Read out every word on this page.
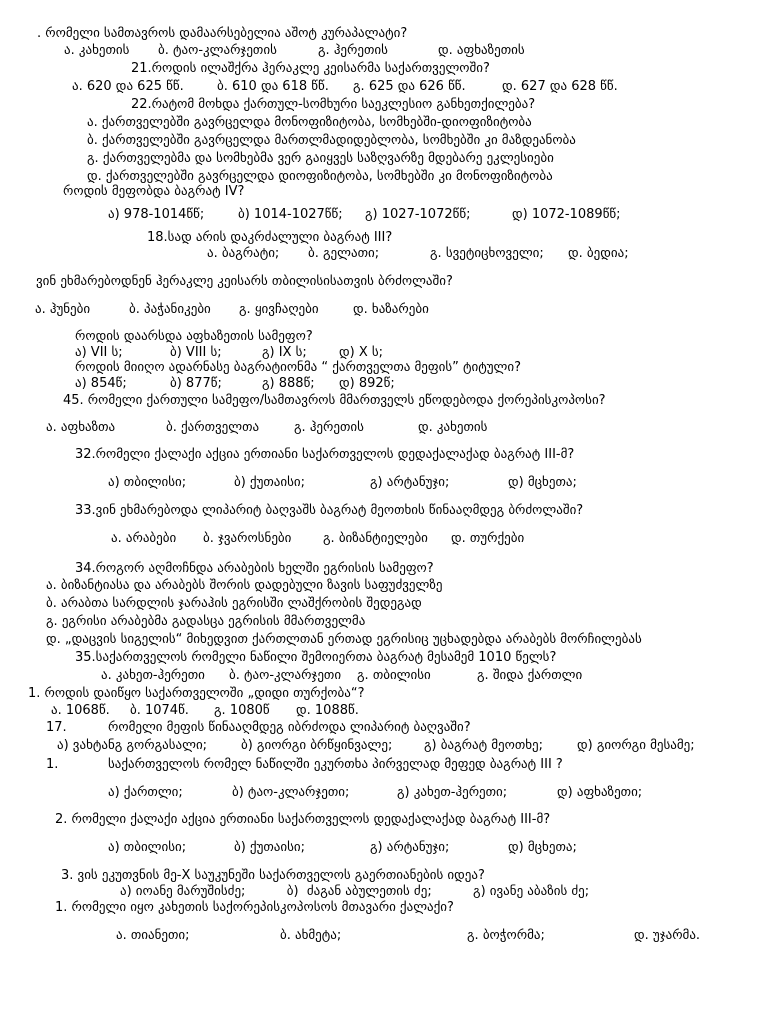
. რომელი სამთავროს დამაარსებელია აშოტ კურაპალატი?
ა. კახეთის ბ. ტაო-კლარჯეთის	გ. ჰერეთის	დ. აფხაზეთის
21.როდის ილაშქრა ჰერაკლე კეისარმა საქართველოში?
ა. 620 და 625 წწ.	ბ. 610 და 618 წწ. გ. 625 და 626 წწ.	დ. 627 და 628 წწ.
22.რატომ მოხდა ქართულ-სომხური საეკლესიო განხეთქილება?
ა. ქართველებში გავრცელდა მონოფიზიტობა, სომხებში-დიოფიზიტობა
ბ. ქართველებში გავრცელდა მართლმადიდებლობა, სომხებში კი მაზდეანობა
გ. ქართველებმა და სომხებმა ვერ გაიყვეს საზღვარზე მდებარე ეკლესიები
დ. ქართველებში გავრცელდა დიოფიზიტობა, სომხებში კი მონოფიზიტობა
როდის მეფობდა ბაგრატ IV?
ა) 978-1014წწ;	ბ) 1014-1027წწ; გ) 1027-1072წწ;	დ) 1072-1089წწ;
18.სად არის დაკრძალული ბაგრატ III?
ა. ბაგრატი; ბ. გელათი;	გ. სვეტიცხოველი; დ. ბედია;
ვინ ეხმარებოდნენ ჰერაკლე კეისარს თბილისისათვის ბრძოლაში?
ა. ჰუნები	ბ. პაჭანიკები გ. ყივჩაღები	დ. ხაზარები
როდის დაარსდა აფხაზეთის სამეფო?
ა) VII ს;	ბ) VIII ს;	გ) IX ს; დ) X ს;
როდის მიიღო ადარნასე ბაგრატიონმა “ ქართველთა მეფის” ტიტული?
ა) 854წ;	ბ) 877წ;	გ) 888წ; დ) 892წ;
45. რომელი ქართული სამეფო/სამთავროს მმართველს ეწოდებოდა ქორეპისკოპოსი?
ა. აფხაზთა	ბ. ქართველთა	გ. ჰერეთის	დ. კახეთის
32.რომელი ქალაქი აქცია ერთიანი საქართველოს დედაქალაქად ბაგრატ III-მ?
ა) თბილისი;	ბ) ქუთაისი;	გ) არტანუჯი;	დ) მცხეთა;
33.ვინ ეხმარებოდა ლიპარიტ ბაღვაშს ბაგრატ მეოთხის წინააღმდეგ ბრძოლაში?
ა. არაბები ბ. ჯვაროსნები გ. ბიზანტიელები დ. თურქები
34.როგორ აღმოჩნდა არაბების ხელში ეგრისის სამეფო?
ა. ბიზანტიასა და არაბებს შორის დადებული ზავის საფუძველზე
ბ. არაბთა სარდლის ჯარაჰის ეგრისში ლაშქრობის შედეგად
გ. ეგრისი არაბებმა გადასცა ეგრისის მმართველმა
დ. „დაცვის სიგელის“ მიხედვით ქართლთან ერთად ეგრისიც უცხადებდა არაბებს მორჩილებას
35.საქართველოს რომელი ნაწილი შემოიერთა ბაგრატ მესამემ 1010 წელს?
ა. კახეთ-ჰერეთი ბ. ტაო-კლარჯეთი გ. თბილისი	გ. შიდა ქართლი
1. როდის დაიწყო საქართველოში „დიდი თურქობა“?
ა. 1068წ. ბ. 1074წ. გ. 1080წ დ. 1088წ.
17.	რომელი მეფის წინააღმდეგ იბრძოდა ლიპარიტ ბაღვაში?
ა) ვახტანგ გორგასალი;	ბ) გიორგი ბრწყინვალე; გ) ბაგრატ მეოთხე;	დ) გიორგი მესამე;
1.	საქართველოს რომელ ნაწილში ეკურთხა პირველად მეფედ ბაგრატ III ?
ა) ქართლი;	ბ) ტაო-კლარჯეთი;	გ) კახეთ-ჰერეთი;	დ) აფხაზეთი;
2. რომელი ქალაქი აქცია ერთიანი საქართველოს დედაქალაქად ბაგრატ III-მ?
ა) თბილისი;	ბ) ქუთაისი;	გ) არტანუჯი;	დ) მცხეთა;
3. ვის ეკუთვნის მე-X საუკუნეში საქართველოს გაერთიანების იდეა?
ა) იოანე მარუშისძე;          ბ)  ძაგან აბულეთის ძე;          გ) ივანე აბაზის ძე;
1. რომელი იყო კახეთის საქორეპისკოპოსოს მთავარი ქალაქი?
ა. თიანეთი;	ბ. ახმეტა;	გ. ბოჭორმა;	დ. უჯარმა.
